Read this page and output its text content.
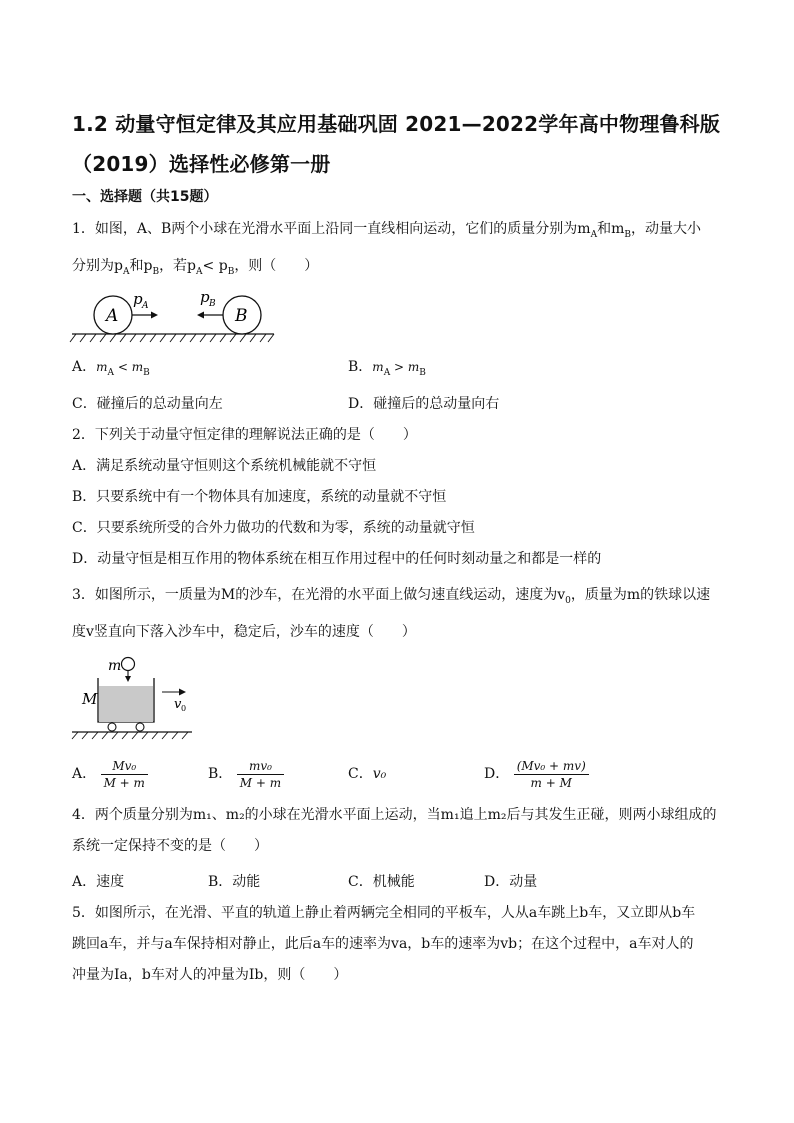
1.2 动量守恒定律及其应用基础巩固 2021—2022学年高中物理鲁科版（2019）选择性必修第一册
一、选择题（共15题）
1．如图，A、B两个小球在光滑水平面上沿同一直线相向运动，它们的质量分别为$m_A$和$m_B$，动量大小
分别为$p_A$和$p_B$，若$p_A< p_B$，则（　　）
A	B
p A	p B
A．$m_A < m_B$	B．$m_A > m_B$
C．碰撞后的总动量向左	D．碰撞后的总动量向右
2．下列关于动量守恒定律的理解说法正确的是（　　）
A．满足系统动量守恒则这个系统机械能就不守恒
B．只要系统中有一个物体具有加速度，系统的动量就不守恒
C．只要系统所受的合外力做功的代数和为零，系统的动量就守恒
D．动量守恒是相互作用的物体系统在相互作用过程中的任何时刻动量之和都是一样的
3．如图所示，一质量为M的沙车，在光滑的水平面上做匀速直线运动，速度为$v_0$，质量为m的铁球以速
度v竖直向下落入沙车中，稳定后，沙车的速度（　　）
m
M	v 0
A． $\frac{\text{Mv₀}}{M + m}$	B． $\frac{\text{mv₀}}{M + m}$	C．v₀	D． $\frac{\text{(Mv₀ + mv)}}{m + M}$
4．两个质量分别为m₁、m₂的小球在光滑水平面上运动，当m₁追上m₂后与其发生正碰，则两小球组成的
系统一定保持不变的是（　　）
A．速度	B．动能	C．机械能	D．动量
5．如图所示，在光滑、平直的轨道上静止着两辆完全相同的平板车，人从a车跳上b车，又立即从b车
跳回a车，并与a车保持相对静止，此后a车的速率为va，b车的速率为vb；在这个过程中，a车对人的
冲量为Ia，b车对人的冲量为Ib，则（　　）
